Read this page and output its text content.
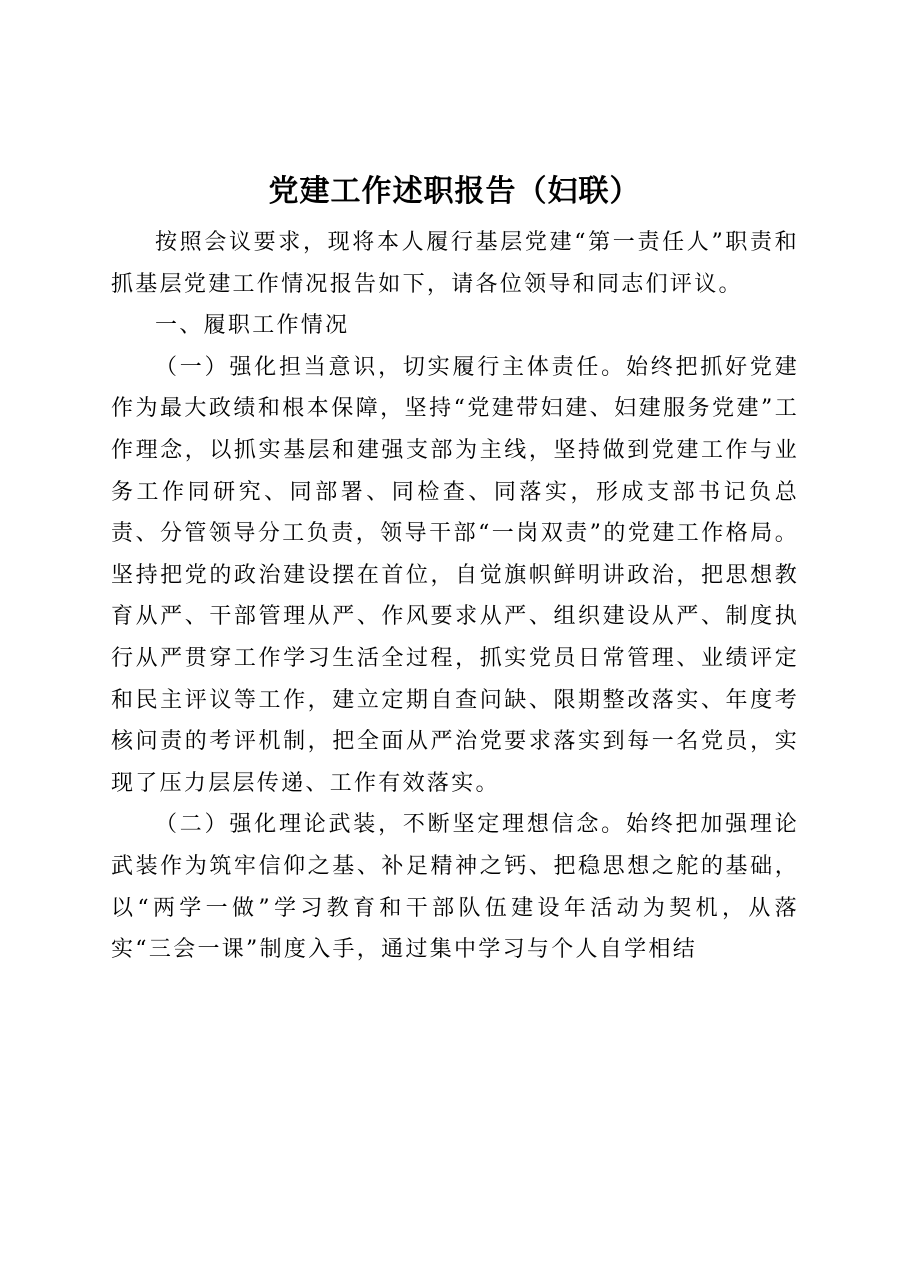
党建工作述职报告（妇联）

按照会议要求，现将本人履行基层党建“第一责任人”职责和抓基层党建工作情况报告如下，请各位领导和同志们评议。

一、履职工作情况

（一）强化担当意识，切实履行主体责任。始终把抓好党建作为最大政绩和根本保障，坚持“党建带妇建、妇建服务党建”工作理念，以抓实基层和建强支部为主线，坚持做到党建工作与业务工作同研究、同部署、同检查、同落实，形成支部书记负总责、分管领导分工负责，领导干部“一岗双责”的党建工作格局。坚持把党的政治建设摆在首位，自觉旗帜鲜明讲政治，把思想教育从严、干部管理从严、作风要求从严、组织建设从严、制度执行从严贯穿工作学习生活全过程，抓实党员日常管理、业绩评定和民主评议等工作，建立定期自查问缺、限期整改落实、年度考核问责的考评机制，把全面从严治党要求落实到每一名党员，实现了压力层层传递、工作有效落实。

（二）强化理论武装，不断坚定理想信念。始终把加强理论武装作为筑牢信仰之基、补足精神之钙、把稳思想之舵的基础，以“两学一做”学习教育和干部队伍建设年活动为契机，从落实“三会一课”制度入手，通过集中学习与个人自学相结
